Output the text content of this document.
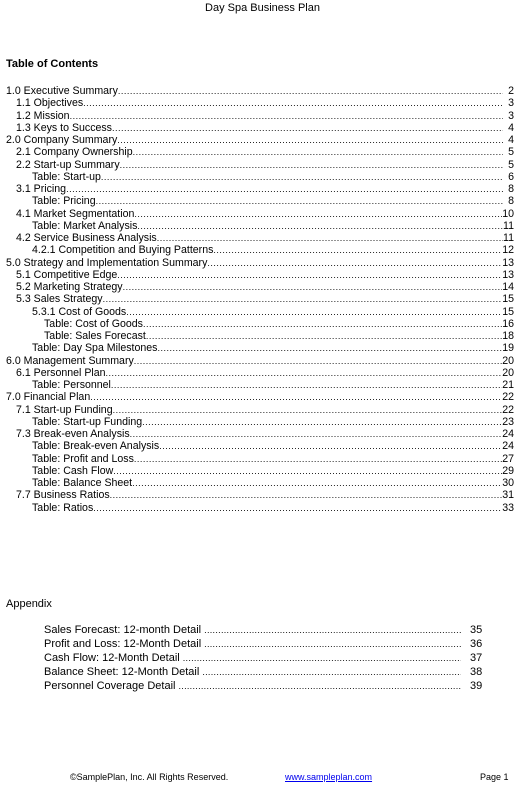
Day Spa Business Plan
Table of Contents
1.0 Executive Summary .....	2
1.1 Objectives .....	3
1.2 Mission .....	3
1.3 Keys to Success .....	4
2.0 Company Summary .....	4
2.1 Company Ownership .....	5
2.2 Start-up Summary .....	5
Table: Start-up .....	6
3.1 Pricing .....	8
Table: Pricing .....	8
4.1 Market Segmentation .....	10
Table: Market Analysis .....	11
4.2 Service Business Analysis .....	11
4.2.1 Competition and Buying Patterns .....	12
5.0 Strategy and Implementation Summary .....	13
5.1 Competitive Edge .....	13
5.2 Marketing Strategy .....	14
5.3 Sales Strategy .....	15
5.3.1 Cost of Goods .....	15
Table: Cost of Goods .....	16
Table: Sales Forecast .....	18
Table: Day Spa Milestones .....	19
6.0 Management Summary .....	20
6.1 Personnel Plan .....	20
Table: Personnel .....	21
7.0 Financial Plan .....	22
7.1 Start-up Funding .....	22
Table: Start-up Funding .....	23
7.3 Break-even Analysis .....	24
Table: Break-even Analysis .....	24
Table: Profit and Loss .....	27
Table: Cash Flow .....	29
Table: Balance Sheet .....	30
7.7 Business Ratios .....	31
Table: Ratios .....	33
Appendix
Sales Forecast: 12-month Detail .....	35
Profit and Loss: 12-Month Detail .....	36
Cash Flow: 12-Month Detail .....	37
Balance Sheet: 12-Month Detail .....	38
Personnel Coverage Detail .....	39
©SamplePlan, Inc. All Rights Reserved.	www.sampleplan.com	Page 1
